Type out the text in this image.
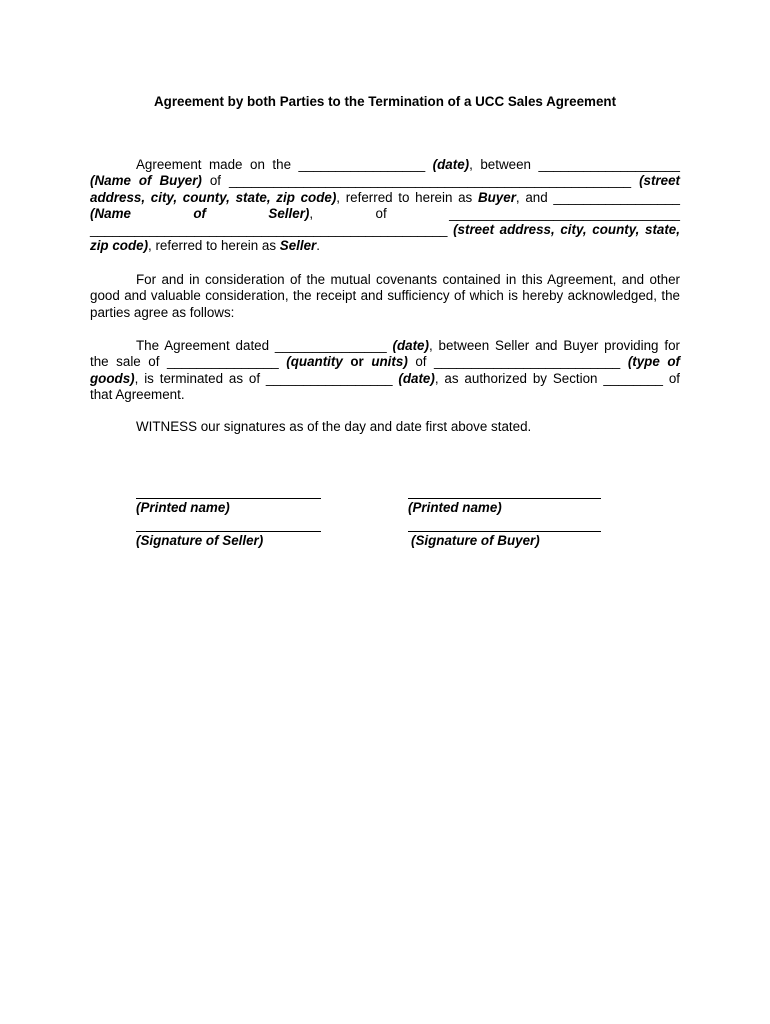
Agreement by both Parties to the Termination of a UCC Sales Agreement

Agreement made on the _________________ (date), between ___________________ (Name of Buyer) of ______________________________________________________ (street address, city, county, state, zip code), referred to herein as Buyer, and _________________ (Name of Seller), of _______________________________ ________________________________________________ (street address, city, county, state, zip code), referred to herein as Seller.

For and in consideration of the mutual covenants contained in this Agreement, and other good and valuable consideration, the receipt and sufficiency of which is hereby acknowledged, the parties agree as follows:

The Agreement dated _______________ (date), between Seller and Buyer providing for the sale of _______________ (quantity or units) of _________________________ (type of goods), is terminated as of _________________ (date), as authorized by Section ________ of that Agreement.

WITNESS our signatures as of the day and date first above stated.

(Printed name)
(Signature of Seller)
(Printed name)
(Signature of Buyer)
